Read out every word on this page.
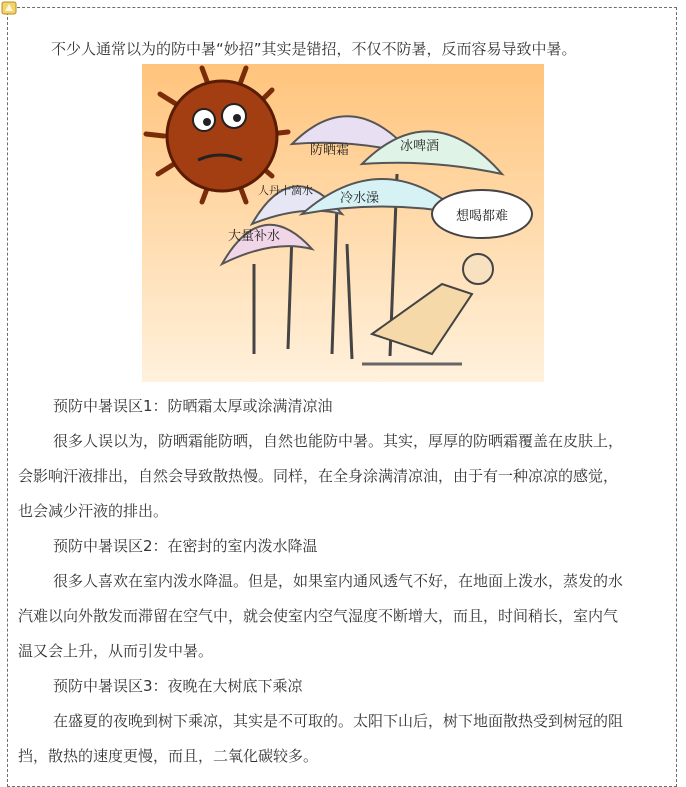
不少人通常以为的防中暑“妙招”其实是错招，不仅不防暑，反而容易导致中暑。

想喝都难
大量补水
人丹十滴水
防晒霜	冰啤酒
冷水澡

预防中暑误区1：防晒霜太厚或涂满清凉油

很多人误以为，防晒霜能防晒，自然也能防中暑。其实，厚厚的防晒霜覆盖在皮肤上，

会影响汗液排出，自然会导致散热慢。同样，在全身涂满清凉油，由于有一种凉凉的感觉，

也会减少汗液的排出。

预防中暑误区2：在密封的室内泼水降温

很多人喜欢在室内泼水降温。但是，如果室内通风透气不好，在地面上泼水，蒸发的水

汽难以向外散发而滞留在空气中，就会使室内空气湿度不断增大，而且，时间稍长，室内气

温又会上升，从而引发中暑。

预防中暑误区3：夜晚在大树底下乘凉

在盛夏的夜晚到树下乘凉，其实是不可取的。太阳下山后，树下地面散热受到树冠的阻

挡，散热的速度更慢，而且，二氧化碳较多。
